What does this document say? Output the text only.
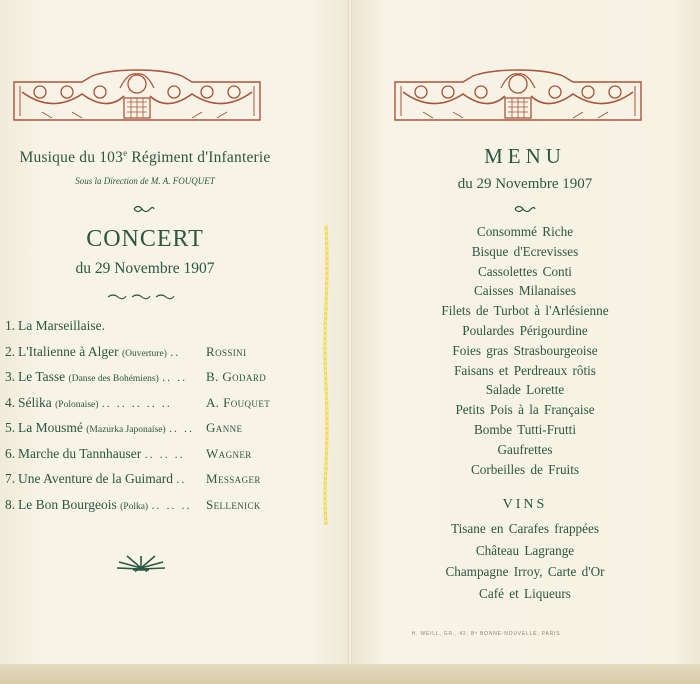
Musique du 103e Régiment d'Infanterie
Sous la Direction de M. A. FOUQUET
CONCERT
du 29 Novembre 1907
1. La Marseillaise.
2. L'Italienne à Alger (Ouverture) .. Rossini
3. Le Tasse (Danse des Bohémiens) .. .. B. Godard
4. Sélika (Polonaise) .. .. .. .. ..	A. Fouquet
5. La Mousmé (Mazurka Japonaise) .. .. Ganne
6. Marche du Tannhauser .. .. .. Wagner
7. Une Aventure de la Guimard .. Messager
8. Le Bon Bourgeois (Polka) .. .. .. Sellenick
MENU
du 29 Novembre 1907
Consommé Riche
Bisque d'Ecrevisses
Cassolettes Conti
Caisses Milanaises
Filets de Turbot à l'Arlésienne
Poulardes Périgourdine
Foies gras Strasbourgeoise
Faisans et Perdreaux rôtis
Salade Lorette
Petits Pois à la Française
Bombe Tutti-Frutti
Gaufrettes
Corbeilles de Fruits
VINS
Tisane en Carafes frappées
Château Lagrange
Champagne Irroy, Carte d'Or
Café et Liqueurs
H. WEILL, GR., 42, Bᵈ BONNE-NOUVELLE, PARIS
